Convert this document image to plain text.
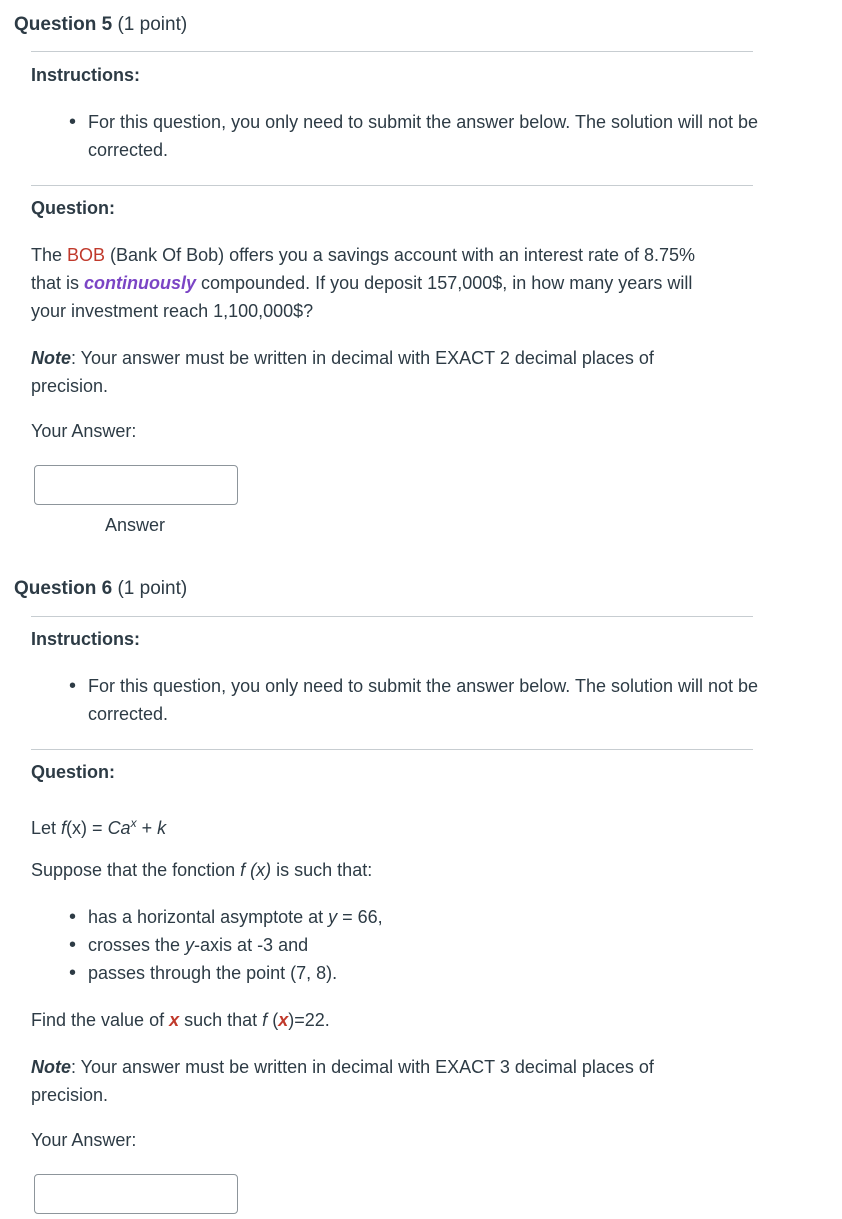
Question 5 (1 point)
Instructions:
• For this question, you only need to submit the answer below. The solution will not be corrected.
Question:
The BOB (Bank Of Bob) offers you a savings account with an interest rate of 8.75%
that is continuously compounded. If you deposit 157,000$, in how many years will
your investment reach 1,100,000$?
Note: Your answer must be written in decimal with EXACT 2 decimal places of
precision.
Your Answer:
Answer
Question 6 (1 point)
Instructions:
• For this question, you only need to submit the answer below. The solution will not be corrected.
Question:
Let $f(x) = Ca^x + k$
Suppose that the fonction f (x) is such that:
• has a horizontal asymptote at y = 66,
• crosses the y-axis at -3 and
• passes through the point (7, 8).
Find the value of x such that f (x)=22.
Note: Your answer must be written in decimal with EXACT 3 decimal places of
precision.
Your Answer:
